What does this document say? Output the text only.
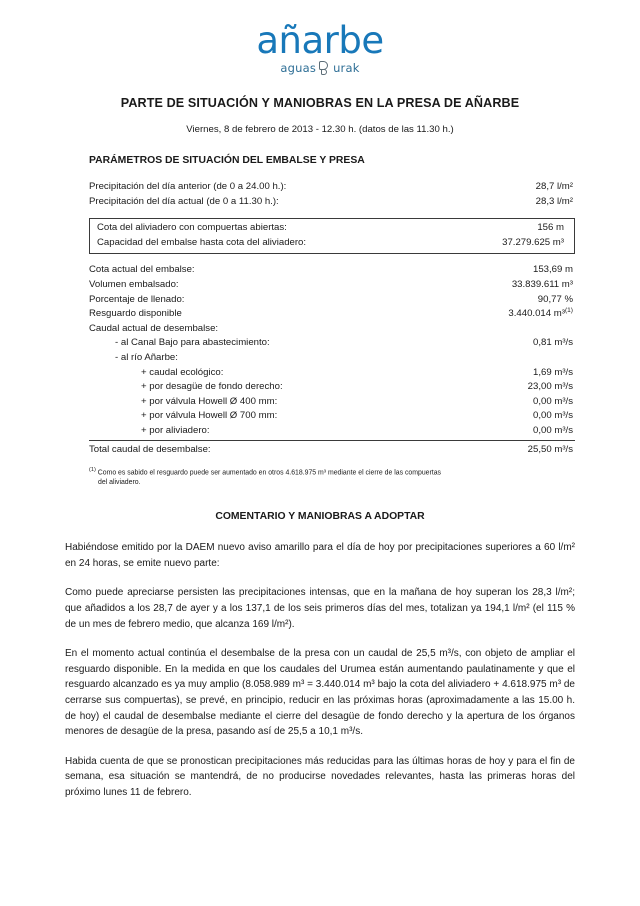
añarbe
aguas urak
PARTE DE SITUACIÓN Y MANIOBRAS EN LA PRESA DE AÑARBE
Viernes, 8 de febrero de 2013 - 12.30 h. (datos de las 11.30 h.)
PARÁMETROS DE SITUACIÓN DEL EMBALSE Y PRESA
Precipitación del día anterior (de 0 a 24.00 h.):	28,7 l/m²
Precipitación del día actual (de 0 a 11.30 h.):	28,3 l/m²
Cota del aliviadero con compuertas abiertas:	156 m
Capacidad del embalse hasta cota del aliviadero:	37.279.625 m³
Cota actual del embalse:	153,69 m
Volumen embalsado:	33.839.611 m³
Porcentaje de llenado:	90,77 %
Resguardo disponible	3.440.014 m³$^{(1)}$
Caudal actual de desembalse:
- al Canal Bajo para abastecimiento:	0,81 m³/s
- al río Añarbe:
+ caudal ecológico:	1,69 m³/s
+ por desagüe de fondo derecho:	23,00 m³/s
+ por válvula Howell Ø 400 mm:	0,00 m³/s
+ por válvula Howell Ø 700 mm:	0,00 m³/s
+ por aliviadero:	0,00 m³/s
Total caudal de desembalse:	25,50 m³/s
$^{(1)}$ Como es sabido el resguardo puede ser aumentado en otros 4.618.975 m³ mediante el cierre de las compuertas
del aliviadero.
COMENTARIO Y MANIOBRAS A ADOPTAR
Habiéndose emitido por la DAEM nuevo aviso amarillo para el día de hoy por precipitaciones superiores a 60 l/m² en 24 horas, se emite nuevo parte:
Como puede apreciarse persisten las precipitaciones intensas, que en la mañana de hoy superan los 28,3 l/m²; que añadidos a los 28,7 de ayer y a los 137,1 de los seis primeros días del mes, totalizan ya 194,1 l/m² (el 115 % de un mes de febrero medio, que alcanza 169 l/m²).
En el momento actual continúa el desembalse de la presa con un caudal de 25,5 m³/s, con objeto de ampliar el resguardo disponible. En la medida en que los caudales del Urumea están aumentando paulatinamente y que el resguardo alcanzado es ya muy amplio (8.058.989 m³ = 3.440.014 m³ bajo la cota del aliviadero + 4.618.975 m³ de cerrarse sus compuertas), se prevé, en principio, reducir en las próximas horas (aproximadamente a las 15.00 h. de hoy) el caudal de desembalse mediante el cierre del desagüe de fondo derecho y la apertura de los órganos menores de desagüe de la presa, pasando así de 25,5 a 10,1 m³/s.
Habida cuenta de que se pronostican precipitaciones más reducidas para las últimas horas de hoy y para el fin de semana, esa situación se mantendrá, de no producirse novedades relevantes, hasta las primeras horas del próximo lunes 11 de febrero.
